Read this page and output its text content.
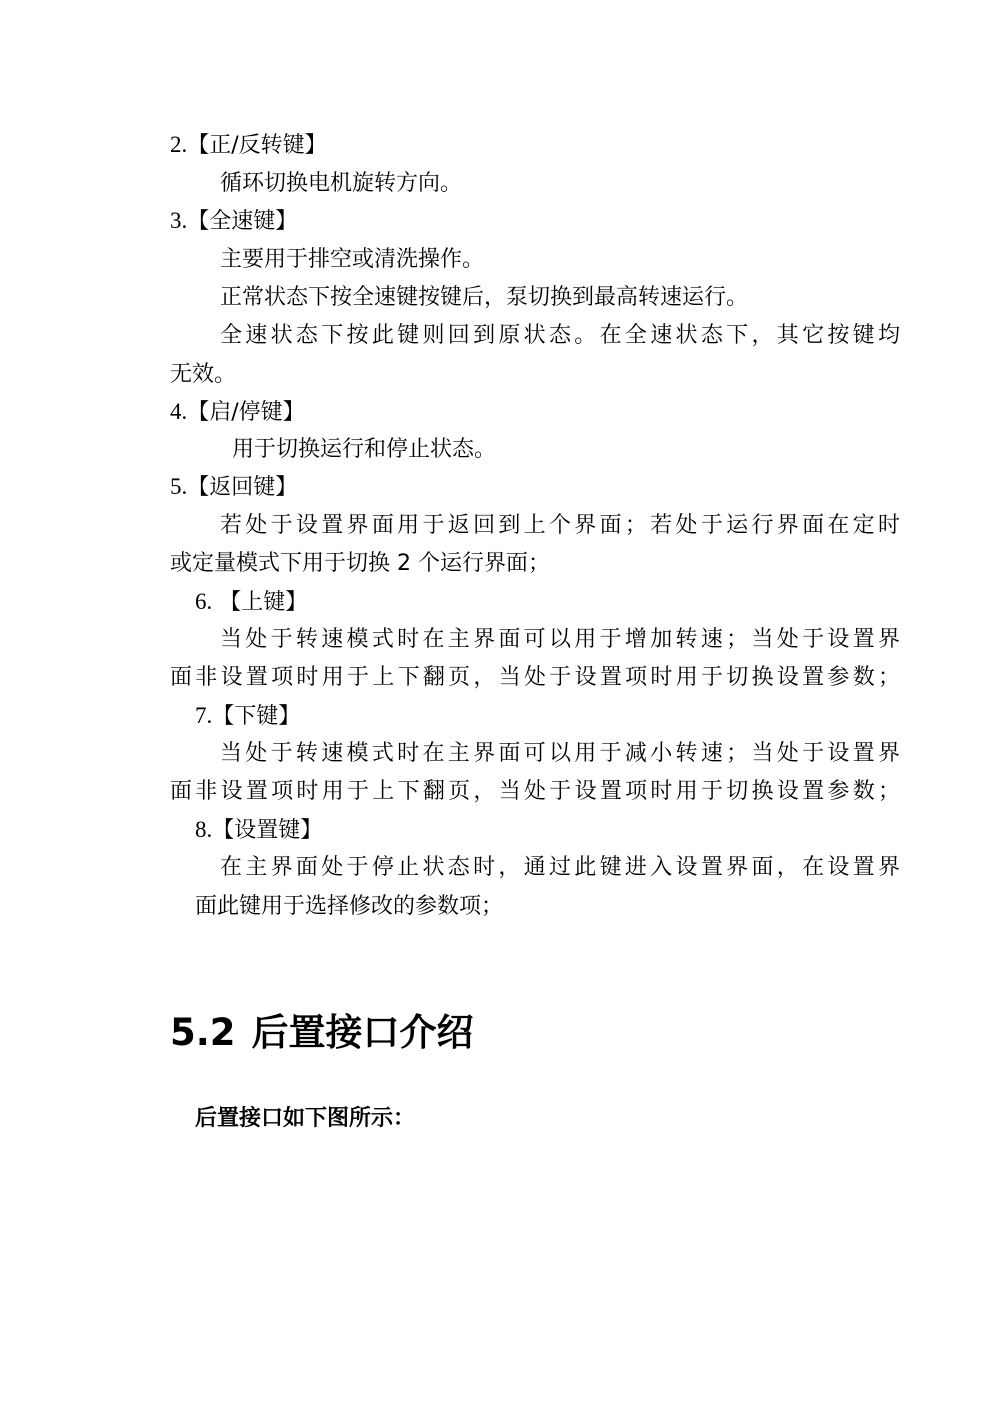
2.【正/反转键】
循环切换电机旋转方向。
3.【全速键】
主要用于排空或清洗操作。
正常状态下按全速键按键后，泵切换到最高转速运行。
全速状态下按此键则回到原状态。在全速状态下，其它按键均
无效。
4.【启/停键】
用于切换运行和停止状态。
5.【返回键】
若处于设置界面用于返回到上个界面；若处于运行界面在定时
或定量模式下用于切换 2 个运行界面；
6. 【上键】
当处于转速模式时在主界面可以用于增加转速；当处于设置界
面非设置项时用于上下翻页，当处于设置项时用于切换设置参数；
7.【下键】
当处于转速模式时在主界面可以用于减小转速；当处于设置界
面非设置项时用于上下翻页，当处于设置项时用于切换设置参数；
8.【设置键】
在主界面处于停止状态时，通过此键进入设置界面，在设置界
面此键用于选择修改的参数项；
5.2 后置接口介绍
后置接口如下图所示：
